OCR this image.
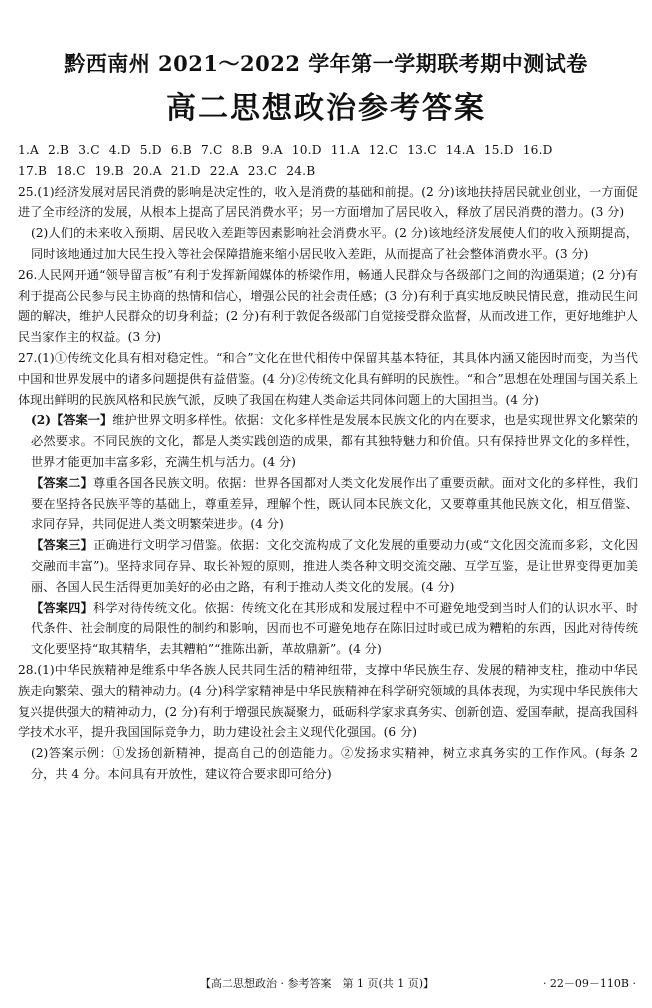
黔西南州 2021～2022 学年第一学期联考期中测试卷
高二思想政治参考答案
1.A 2.B 3.C 4.D 5.D 6.B 7.C 8.B 9.A 10.D 11.A 12.C 13.C 14.A 15.D 16.D
17.B 18.C 19.B 20.A 21.D 22.A 23.C 24.B

25.(1)经济发展对居民消费的影响是决定性的，收入是消费的基础和前提。(2 分)该地扶持居民就业创业，一方面促进了全市经济的发展，从根本上提高了居民消费水平；另一方面增加了居民收入，释放了居民消费的潜力。(3 分)

(2)人们的未来收入预期、居民收入差距等因素影响社会消费水平。(2 分)该地经济发展使人们的收入预期提高，同时该地通过加大民生投入等社会保障措施来缩小居民收入差距，从而提高了社会整体消费水平。(3 分)

26.人民网开通“领导留言板”有利于发挥新闻媒体的桥梁作用，畅通人民群众与各级部门之间的沟通渠道；(2 分)有利于提高公民参与民主协商的热情和信心，增强公民的社会责任感；(3 分)有利于真实地反映民情民意，推动民生问题的解决，维护人民群众的切身利益；(2 分)有利于敦促各级部门自觉接受群众监督，从而改进工作，更好地维护人民当家作主的权益。(3 分)

27.(1)①传统文化具有相对稳定性。“和合”文化在世代相传中保留其基本特征，其具体内涵又能因时而变，为当代中国和世界发展中的诸多问题提供有益借鉴。(4 分)②传统文化具有鲜明的民族性。“和合”思想在处理国与国关系上体现出鲜明的民族风格和民族气派，反映了我国在构建人类命运共同体问题上的大国担当。(4 分)

(2)【答案一】维护世界文明多样性。依据：文化多样性是发展本民族文化的内在要求，也是实现世界文化繁荣的必然要求。不同民族的文化，都是人类实践创造的成果，都有其独特魅力和价值。只有保持世界文化的多样性，世界才能更加丰富多彩，充满生机与活力。(4 分)

【答案二】尊重各国各民族文明。依据：世界各国都对人类文化发展作出了重要贡献。面对文化的多样性，我们要在坚持各民族平等的基础上，尊重差异，理解个性，既认同本民族文化，又要尊重其他民族文化，相互借鉴、求同存异，共同促进人类文明繁荣进步。(4 分)

【答案三】正确进行文明学习借鉴。依据：文化交流构成了文化发展的重要动力(或“文化因交流而多彩，文化因交融而丰富”)。坚持求同存异、取长补短的原则，推进人类各种文明交流交融、互学互鉴，是让世界变得更加美丽、各国人民生活得更加美好的必由之路，有利于推动人类文化的发展。(4 分)

【答案四】科学对待传统文化。依据：传统文化在其形成和发展过程中不可避免地受到当时人们的认识水平、时代条件、社会制度的局限性的制约和影响，因而也不可避免地存在陈旧过时或已成为糟粕的东西，因此对待传统文化要坚持“取其精华，去其糟粕”“推陈出新，革故鼎新”。(4 分)

28.(1)中华民族精神是维系中华各族人民共同生活的精神纽带，支撑中华民族生存、发展的精神支柱，推动中华民族走向繁荣、强大的精神动力。(4 分)科学家精神是中华民族精神在科学研究领域的具体表现，为实现中华民族伟大复兴提供强大的精神动力，(2 分)有利于增强民族凝聚力，砥砺科学家求真务实、创新创造、爱国奉献，提高我国科学技术水平，提升我国国际竞争力，助力建设社会主义现代化强国。(6 分)

(2)答案示例：①发扬创新精神，提高自己的创造能力。②发扬求实精神，树立求真务实的工作作风。(每条 2 分，共 4 分。本问具有开放性，建议符合要求即可给分)

【高二思想政治 · 参考答案　第 1 页(共 1 页)】	· 22－09－110B ·
